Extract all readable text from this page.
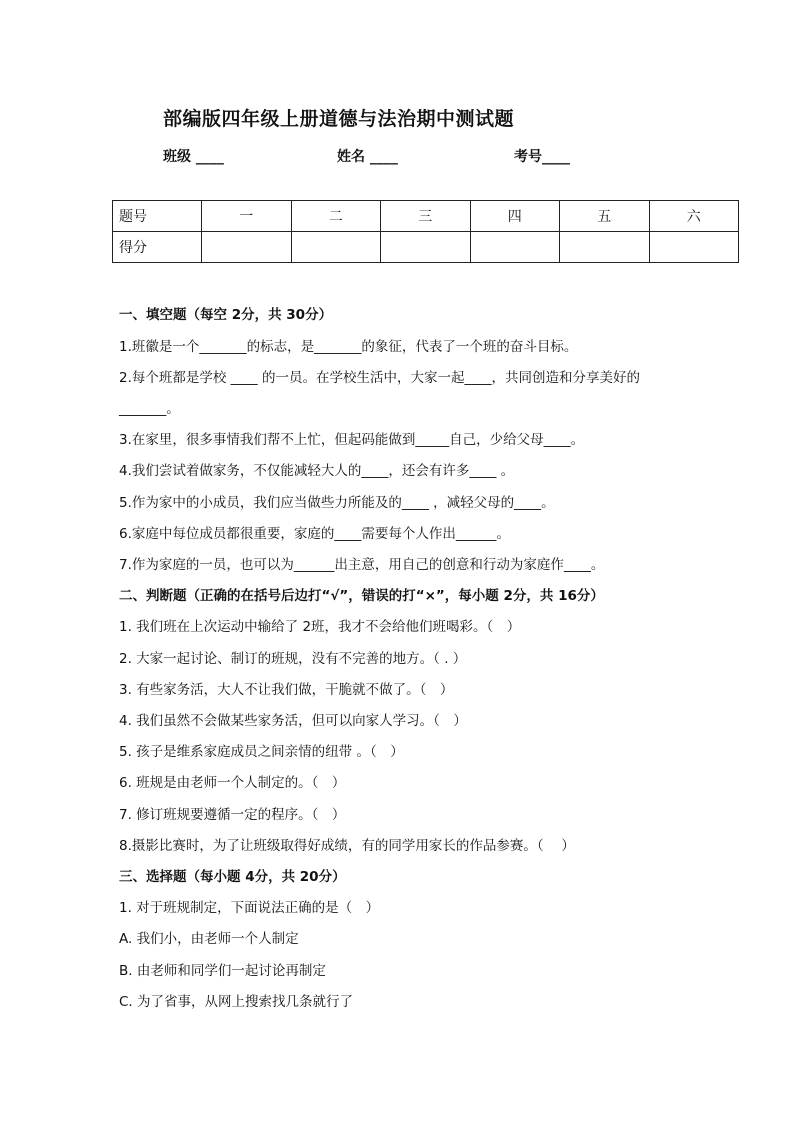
部编版四年级上册道德与法治期中测试题
班级 ____	姓名 ____	考号____
题号	一	二	三	四	五	六
得分						
一、填空题（每空 2分，共 30分）
1.班徽是一个_______的标志，是_______的象征，代表了一个班的奋斗目标。
2.每个班都是学校 ____ 的一员。在学校生活中，大家一起____，共同创造和分享美好的
_______。
3.在家里，很多事情我们帮不上忙，但起码能做到_____自己，少给父母____。
4.我们尝试着做家务，不仅能减轻大人的____，还会有许多____ 。
5.作为家中的小成员，我们应当做些力所能及的____ ，减轻父母的____。
6.家庭中每位成员都很重要，家庭的____需要每个人作出______。
7.作为家庭的一员，也可以为______出主意，用自己的创意和行动为家庭作____。
二、判断题（正确的在括号后边打“√”，错误的打“×”，每小题 2分，共 16分）
1. 我们班在上次运动中输给了 2班，我才不会给他们班喝彩。（　）
2. 大家一起讨论、制订的班规，没有不完善的地方。（ . ）
3. 有些家务活，大人不让我们做，干脆就不做了。（　）
4. 我们虽然不会做某些家务活，但可以向家人学习。（　）
5. 孩子是维系家庭成员之间亲情的纽带 。（　）
6. 班规是由老师一个人制定的。（　）
7. 修订班规要遵循一定的程序。（　）
8.摄影比赛时，为了让班级取得好成绩，有的同学用家长的作品参赛。（　 ）
三、选择题（每小题 4分，共 20分）
1. 对于班规制定，下面说法正确的是（　）
A. 我们小，由老师一个人制定
B. 由老师和同学们一起讨论再制定
C. 为了省事，从网上搜索找几条就行了
